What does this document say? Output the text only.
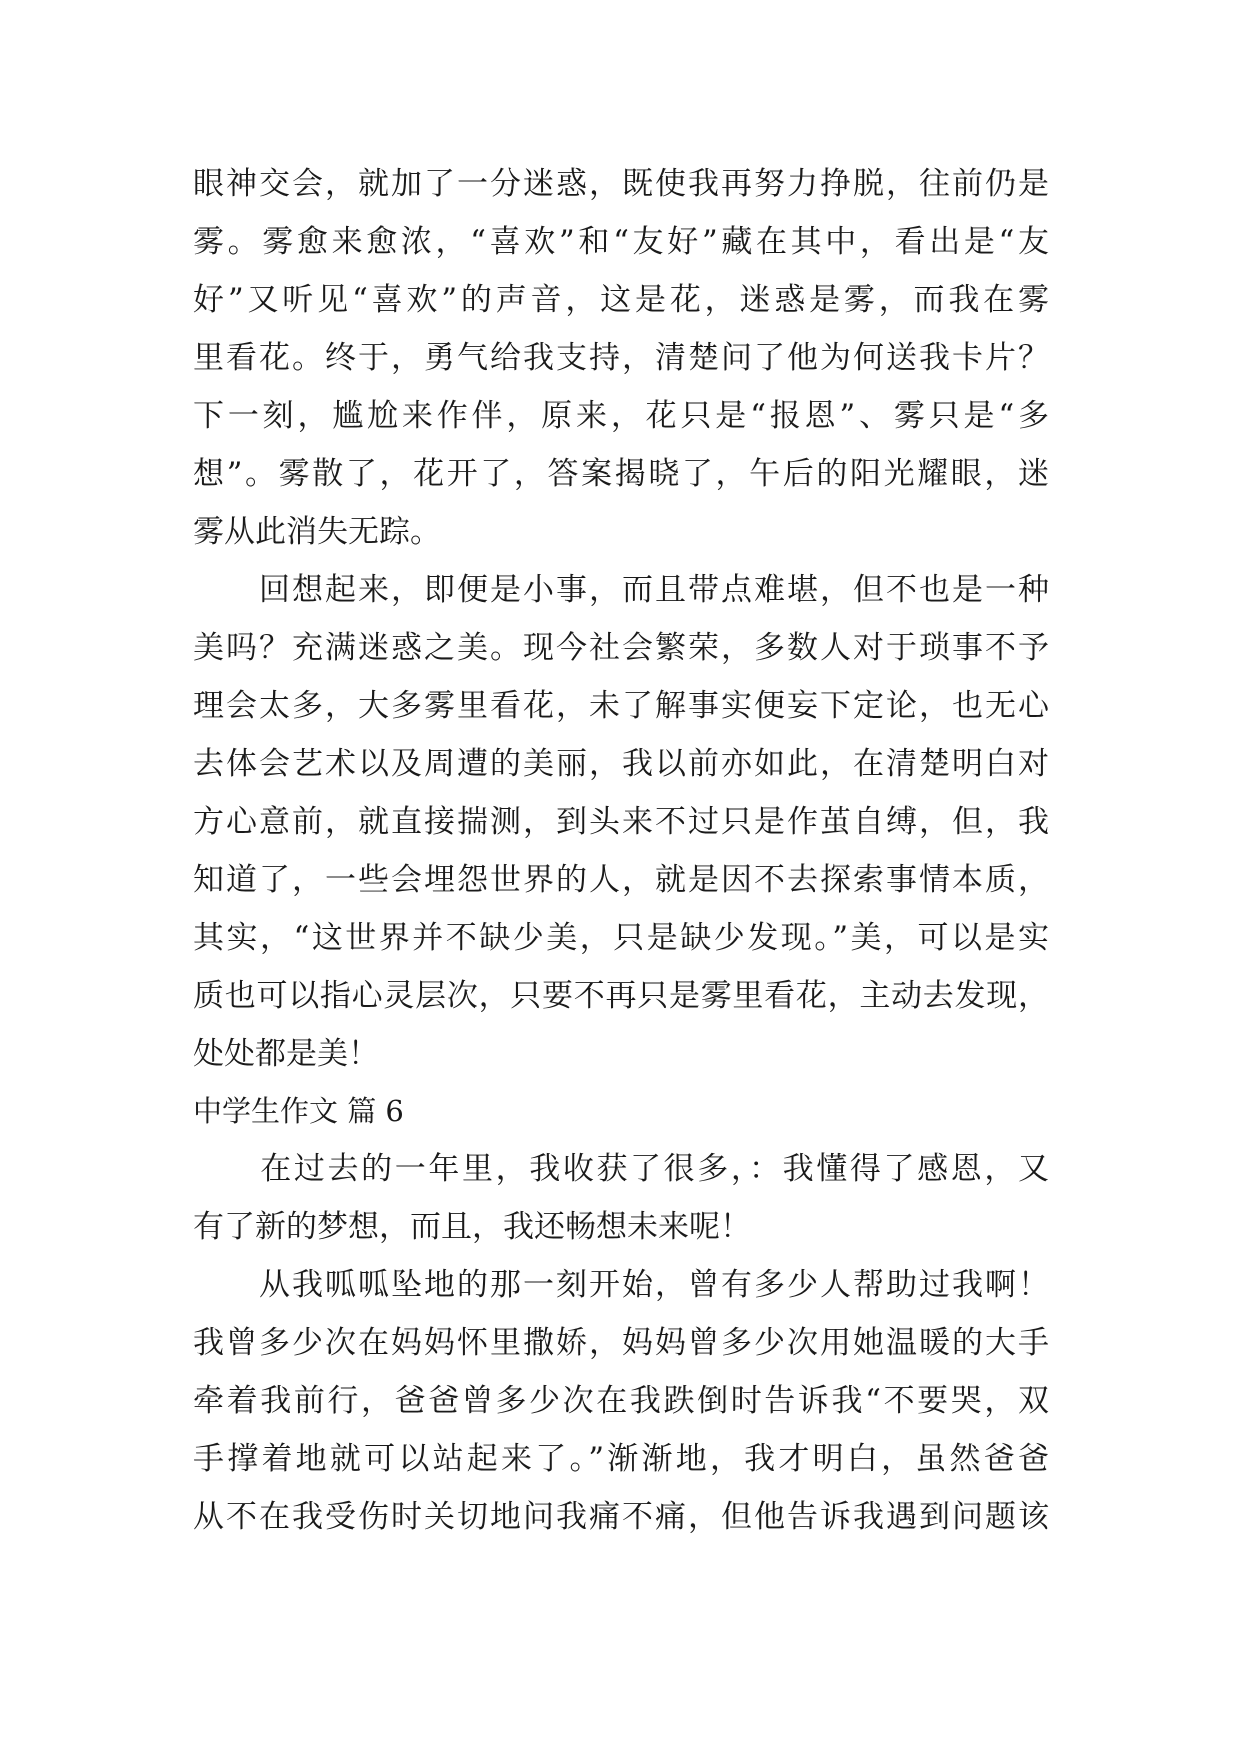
眼神交会，就加了一分迷惑，既使我再努力挣脱，往前仍是
雾。雾愈来愈浓，“喜欢”和“友好”藏在其中，看出是“友
好”又听见“喜欢”的声音，这是花，迷惑是雾，而我在雾
里看花。终于，勇气给我支持，清楚问了他为何送我卡片？
下一刻，尴尬来作伴，原来，花只是“报恩”、雾只是“多
想”。雾散了，花开了，答案揭晓了，午后的阳光耀眼，迷
雾从此消失无踪。
　　回想起来，即便是小事，而且带点难堪，但不也是一种
美吗？充满迷惑之美。现今社会繁荣，多数人对于琐事不予
理会太多，大多雾里看花，未了解事实便妄下定论，也无心
去体会艺术以及周遭的美丽，我以前亦如此，在清楚明白对
方心意前，就直接揣测，到头来不过只是作茧自缚，但，我
知道了，一些会埋怨世界的人，就是因不去探索事情本质，
其实，“这世界并不缺少美，只是缺少发现。”美，可以是实
质也可以指心灵层次，只要不再只是雾里看花，主动去发现，
处处都是美！
中学生作文 篇 6
　　在过去的一年里，我收获了很多，：我懂得了感恩，又
有了新的梦想，而且，我还畅想未来呢！
　　从我呱呱坠地的那一刻开始，曾有多少人帮助过我啊！
我曾多少次在妈妈怀里撒娇，妈妈曾多少次用她温暖的大手
牵着我前行，爸爸曾多少次在我跌倒时告诉我“不要哭，双
手撑着地就可以站起来了。”渐渐地，我才明白，虽然爸爸
从不在我受伤时关切地问我痛不痛，但他告诉我遇到问题该
